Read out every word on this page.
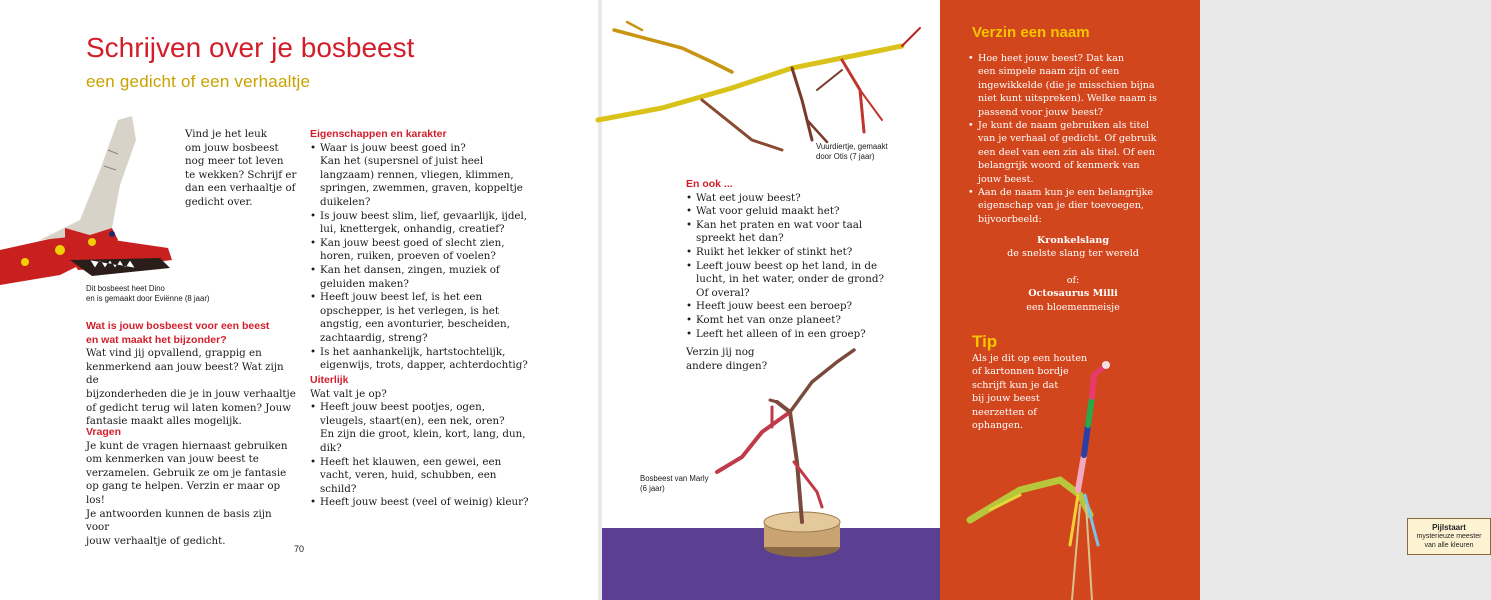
Schrijven over je bosbeest
een gedicht of een verhaaltje
Vind je het leuk
om jouw bosbeest
nog meer tot leven
te wekken? Schrijf er
dan een verhaaltje of
gedicht over.
Dit bosbeest heet Dino
en is gemaakt door Eviënne (8 jaar)
Wat is jouw bosbeest voor een beest
en wat maakt het bijzonder?
Wat vind jij opvallend, grappig en
kenmerkend aan jouw beest? Wat zijn de
bijzonderheden die je in jouw verhaaltje
of gedicht terug wil laten komen? Jouw
fantasie maakt alles mogelijk.
Vragen
Je kunt de vragen hiernaast gebruiken
om kenmerken van jouw beest te
verzamelen. Gebruik ze om je fantasie
op gang te helpen. Verzin er maar op los!
Je antwoorden kunnen de basis zijn voor
jouw verhaaltje of gedicht.
Eigenschappen en karakter
• Waar is jouw beest goed in?
Kan het (supersnel of juist heel
langzaam) rennen, vliegen, klimmen,
springen, zwemmen, graven, koppeltje
duikelen?
• Is jouw beest slim, lief, gevaarlijk, ijdel,
lui, knettergek, onhandig, creatief?
• Kan jouw beest goed of slecht zien,
horen, ruiken, proeven of voelen?
• Kan het dansen, zingen, muziek of
geluiden maken?
• Heeft jouw beest lef, is het een
opschepper, is het verlegen, is het
angstig, een avonturier, bescheiden,
zachtaardig, streng?
• Is het aanhankelijk, hartstochtelijk,
eigenwijs, trots, dapper, achterdochtig?
Uiterlijk
Wat valt je op?
• Heeft jouw beest pootjes, ogen,
vleugels, staart(en), een nek, oren?
En zijn die groot, klein, kort, lang, dun,
dik?
• Heeft het klauwen, een gewei, een
vacht, veren, huid, schubben, een
schild?
• Heeft jouw beest (veel of weinig) kleur?
70
Vuurdiertje, gemaakt
door Otis (7 jaar)
En ook ...
• Wat eet jouw beest?
• Wat voor geluid maakt het?
• Kan het praten en wat voor taal
spreekt het dan?
• Ruikt het lekker of stinkt het?
• Leeft jouw beest op het land, in de
lucht, in het water, onder de grond?
Of overal?
• Heeft jouw beest een beroep?
• Komt het van onze planeet?
• Leeft het alleen of in een groep?
Verzin jij nog
andere dingen?
Bosbeest van Marly
(6 jaar)
Verzin een naam
• Hoe heet jouw beest? Dat kan
een simpele naam zijn of een
ingewikkelde (die je misschien bijna
niet kunt uitspreken). Welke naam is
passend voor jouw beest?
• Je kunt de naam gebruiken als titel
van je verhaal of gedicht. Of gebruik
een deel van een zin als titel. Of een
belangrijk woord of kenmerk van
jouw beest.
• Aan de naam kun je een belangrijke
eigenschap van je dier toevoegen,
bijvoorbeeld:
Kronkelslang
de snelste slang ter wereld
of:
Octosaurus Milli
een bloemenmeisje
Tip
Als je dit op een houten
of kartonnen bordje
schrijft kun je dat
bij jouw beest
neerzetten of
ophangen.
Pijlstaart
mysterieuze meester
van alle kleuren
